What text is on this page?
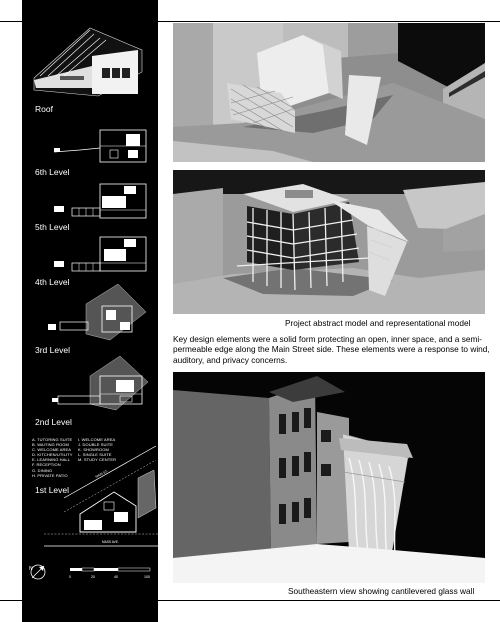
Roof
6th Level
5th Level
4th Level
3rd Level
2nd Level
A. TUTORING SUITE
B. WAITING ROOM
C. WELCOME AREA
D. KITCHEN/UTILITY
E. LEARNING HALL
F. RECEPTION
G. DINING
H. PRIVATE PATIO
I. WELCOME AREA
J. DOUBLE SUITE
K. SHOWROOM
L. SINGLE SUITE
M. STUDY CENTER
1st Level
MAIN ST.
MASS AVE.
N
0	20	40	100
Project abstract model and representational model
Key design elements were a solid form protecting an open, inner space, and a semi-permeable edge along the Main Street side. These elements were a response to wind, auditory, and privacy concerns.
Southeastern view showing cantilevered glass wall
